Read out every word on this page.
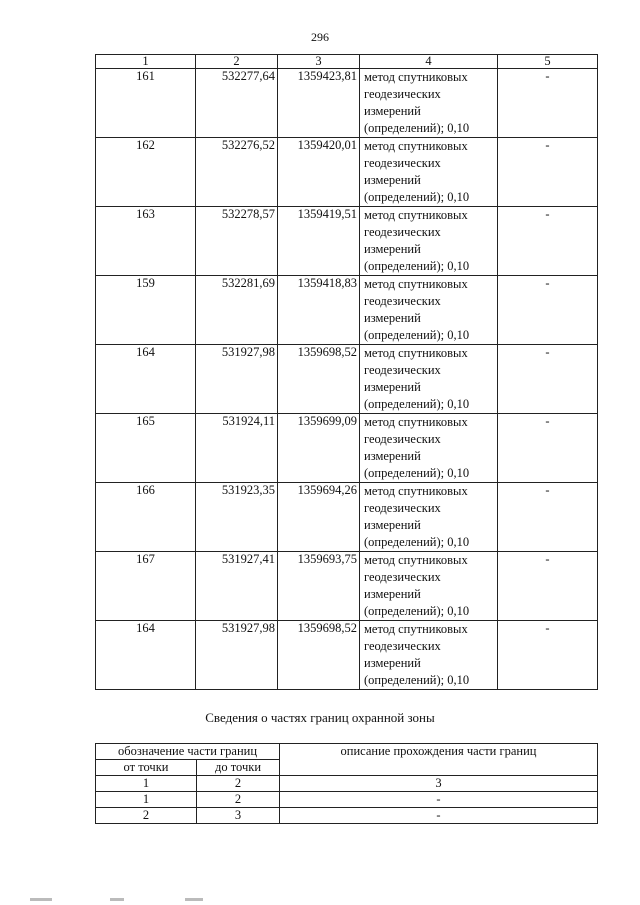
296
1	2	3	4	5
161	532277,64	1359423,81	метод спутниковых геодезических измерений (определений); 0,10	-
162	532276,52	1359420,01	метод спутниковых геодезических измерений (определений); 0,10	-
163	532278,57	1359419,51	метод спутниковых геодезических измерений (определений); 0,10	-
159	532281,69	1359418,83	метод спутниковых геодезических измерений (определений); 0,10	-
164	531927,98	1359698,52	метод спутниковых геодезических измерений (определений); 0,10	-
165	531924,11	1359699,09	метод спутниковых геодезических измерений (определений); 0,10	-
166	531923,35	1359694,26	метод спутниковых геодезических измерений (определений); 0,10	-
167	531927,41	1359693,75	метод спутниковых геодезических измерений (определений); 0,10	-
164	531927,98	1359698,52	метод спутниковых геодезических измерений (определений); 0,10	-
Сведения о частях границ охранной зоны
обозначение части границ		описание прохождения части границ
от точки	до точки	
1	2	3
1	2	-
2	3	-
